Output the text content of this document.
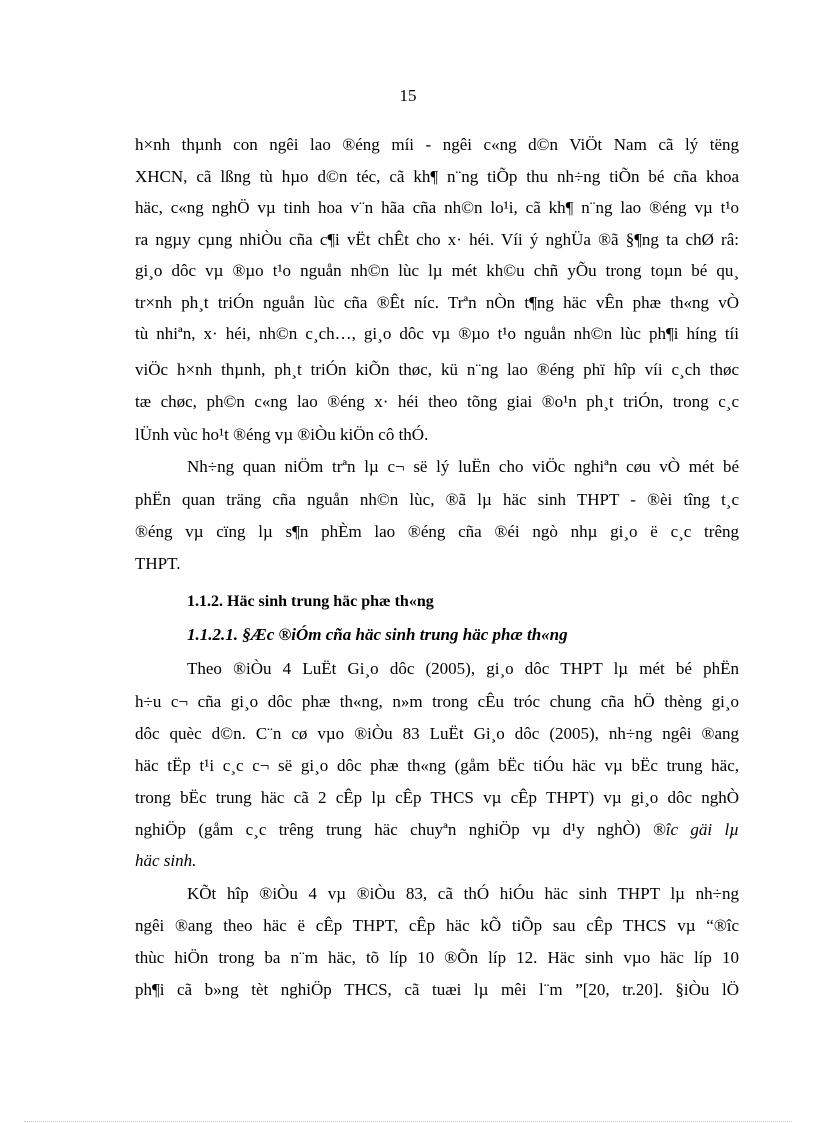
15
h×nh thµnh con ngêi lao ®éng míi - ngêi c«ng d©n ViÖt Nam cã lý tëng
XHCN, cã lßng tù hµo d©n téc, cã kh¶ n¨ng tiÕp thu nh÷ng tiÕn bé cña khoa
häc, c«ng nghÖ vµ tinh hoa v¨n hãa cña nh©n lo¹i, cã kh¶ n¨ng lao ®éng vµ t¹o
ra ngµy cµng nhiÒu cña c¶i vËt chÊt cho x· héi. Víi ý nghÜa ®ã §¶ng ta chØ râ:
gi¸o dôc vµ ®µo t¹o nguån nh©n lùc lµ mét kh©u chñ yÕu trong toµn bé qu¸
tr×nh ph¸t triÓn nguån lùc cña ®Êt níc. Trªn nÒn t¶ng häc vÊn phæ th«ng vÒ
tù nhiªn, x· héi, nh©n c¸ch…, gi¸o dôc vµ ®µo t¹o nguån nh©n lùc ph¶i híng tíi
viÖc h×nh thµnh, ph¸t triÓn kiÕn thøc, kü n¨ng lao ®éng phï hîp víi c¸ch thøc
tæ chøc, ph©n c«ng lao ®éng x· héi theo tõng giai ®o¹n ph¸t triÓn, trong c¸c
lÜnh vùc ho¹t ®éng vµ ®iÒu kiÖn cô thÓ.
Nh÷ng quan niÖm trªn lµ c¬ së lý luËn cho viÖc nghiªn cøu vÒ mét bé
phËn quan träng cña nguån nh©n lùc, ®ã lµ häc sinh THPT - ®èi tîng t¸c
®éng vµ cïng lµ s¶n phÈm lao ®éng cña ®éi ngò nhµ gi¸o ë c¸c trêng
THPT.
1.1.2. Häc sinh trung häc phæ th«ng
1.1.2.1. §Æc ®iÓm cña häc sinh trung häc phæ th«ng
Theo ®iÒu 4 LuËt Gi¸o dôc (2005), gi¸o dôc THPT lµ mét bé phËn
h÷u c¬ cña gi¸o dôc phæ th«ng, n»m trong cÊu tróc chung cña hÖ thèng gi¸o
dôc quèc d©n. C¨n cø vµo ®iÒu 83 LuËt Gi¸o dôc (2005), nh÷ng ngêi ®ang
häc tËp t¹i c¸c c¬ së gi¸o dôc phæ th«ng (gåm bËc tiÓu häc vµ bËc trung häc,
trong bËc trung häc cã 2 cÊp lµ cÊp THCS vµ cÊp THPT) vµ gi¸o dôc nghÒ
nghiÖp (gåm c¸c trêng trung häc chuyªn nghiÖp vµ d¹y nghÒ) ®îc gäi lµ
häc sinh.
KÕt hîp ®iÒu 4 vµ ®iÒu 83, cã thÓ hiÓu häc sinh THPT lµ nh÷ng
ngêi ®ang theo häc ë cÊp THPT, cÊp häc kÕ tiÕp sau cÊp THCS vµ “®îc
thùc hiÖn trong ba n¨m häc, tõ líp 10 ®Õn líp 12. Häc sinh vµo häc líp 10
ph¶i cã b»ng tèt nghiÖp THCS, cã tuæi lµ mêi l¨m ”[20, tr.20]. §iÒu lÖ
